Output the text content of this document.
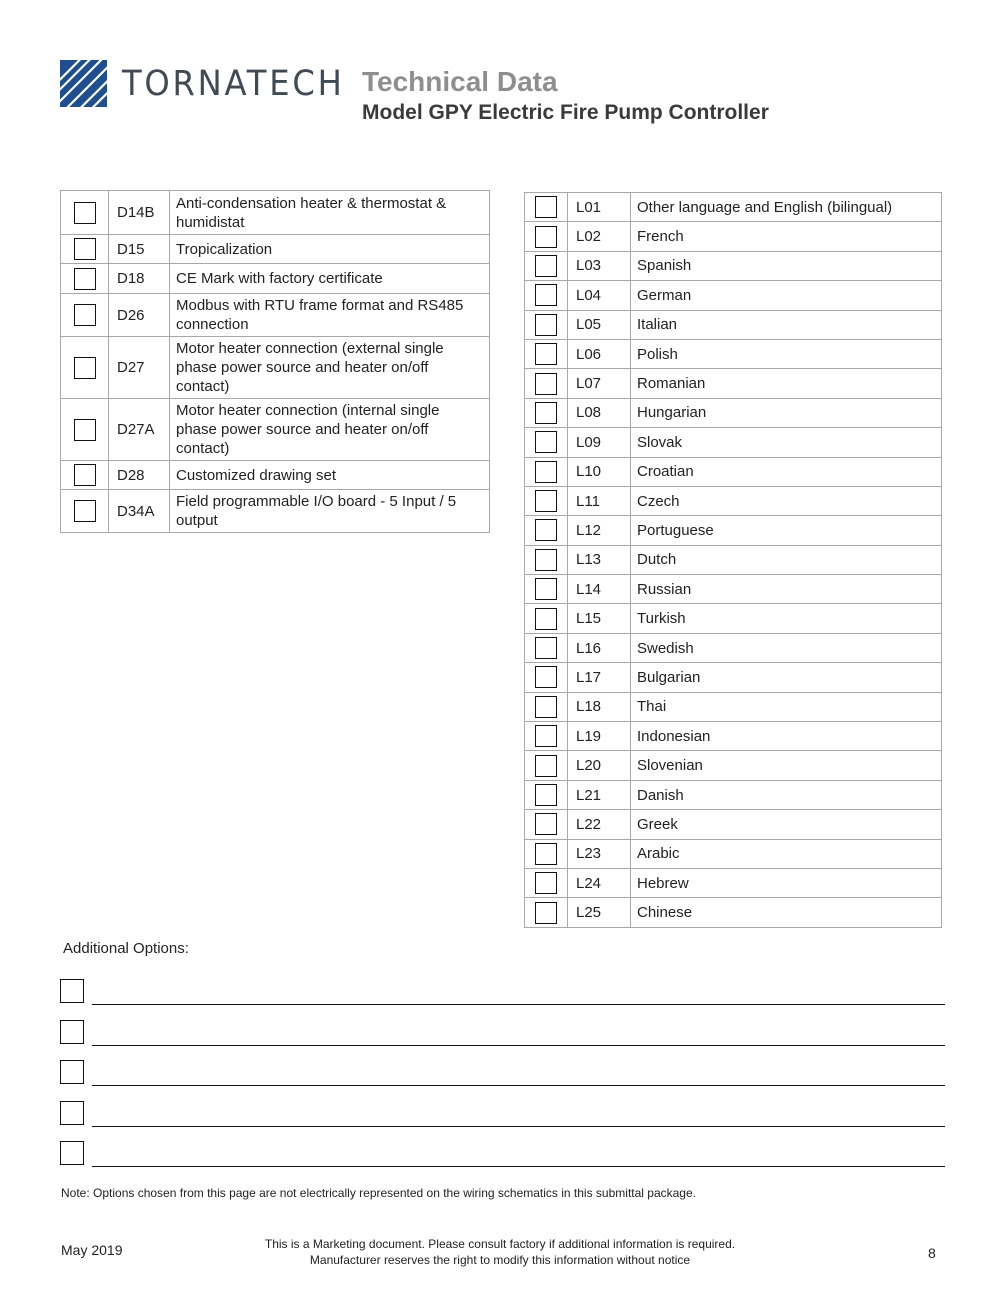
TORNATECH Technical Data
Model GPY Electric Fire Pump Controller
	D14B	Anti-condensation heater & thermostat & humidistat
	D15	Tropicalization
	D18	CE Mark with factory certificate
	D26	Modbus with RTU frame format and RS485 connection
	D27	Motor heater connection (external single phase power source and heater on/off contact)
	D27A	Motor heater connection (internal single phase power source and heater on/off contact)
	D28	Customized drawing set
	D34A	Field programmable I/O board - 5 Input / 5 output
	L01	Other language and English (bilingual)
	L02	French
	L03	Spanish
	L04	German
	L05	Italian
	L06	Polish
	L07	Romanian
	L08	Hungarian
	L09	Slovak
	L10	Croatian
	L11	Czech
	L12	Portuguese
	L13	Dutch
	L14	Russian
	L15	Turkish
	L16	Swedish
	L17	Bulgarian
	L18	Thai
	L19	Indonesian
	L20	Slovenian
	L21	Danish
	L22	Greek
	L23	Arabic
	L24	Hebrew
	L25	Chinese
Additional Options:
Note: Options chosen from this page are not electrically represented on the wiring schematics in this submittal package.
May 2019	This is a Marketing document. Please consult factory if additional information is required.
Manufacturer reserves the right to modify this information without notice	8
